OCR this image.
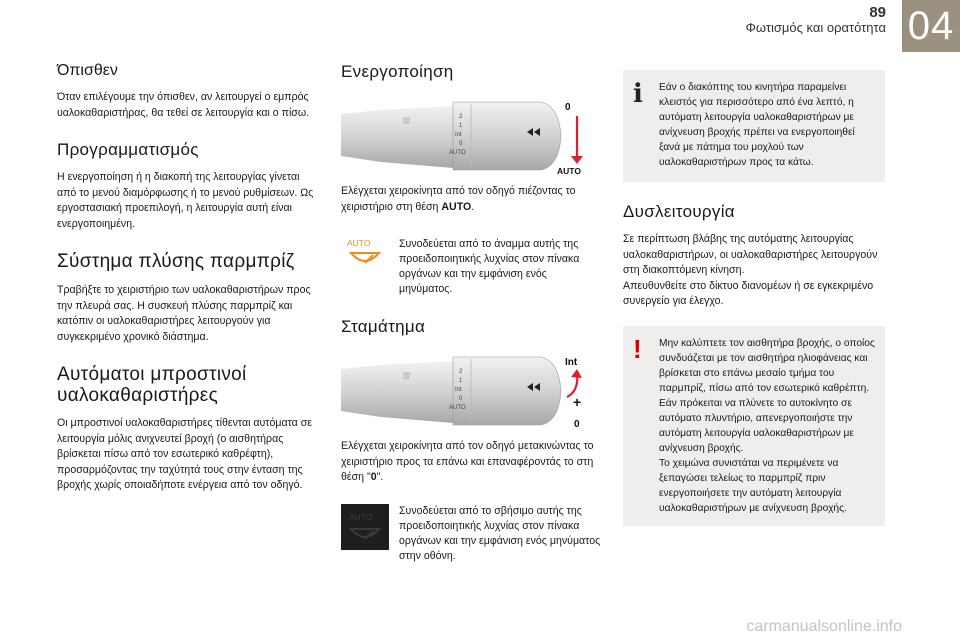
89
Φωτισμός και ορατότητα 04
Όπισθεν

Όταν επιλέγουμε την όπισθεν, αν λειτουργεί ο εμπρός υαλοκαθαριστήρας, θα τεθεί σε λειτουργία και ο πίσω.

Προγραμματισμός

Η ενεργοποίηση ή η διακοπή της λειτουργίας γίνεται από το μενού διαμόρφωσης ή το μενού ρυθμίσεων. Ως εργοστασιακή προεπιλογή, η λειτουργία αυτή είναι ενεργοποιημένη.

Σύστημα πλύσης παρμπρίζ

Τραβήξτε το χειριστήριο των υαλοκαθαριστήρων προς την πλευρά σας. Η συσκευή πλύσης παρμπρίζ και κατόπιν οι υαλοκαθαριστήρες λειτουργούν για συγκεκριμένο χρονικό διάστημα.

Αυτόματοι μπροστινοί
υαλοκαθαριστήρες

Οι μπροστινοί υαλοκαθαριστήρες τίθενται αυτόματα σε λειτουργία μόλις ανιχνευτεί βροχή (ο αισθητήρας βρίσκεται πίσω από τον εσωτερικό καθρέφτη), προσαρμόζοντας την ταχύτητά τους στην ένταση της βροχής χωρίς οποιαδήποτε ενέργεια από τον οδηγό.

Ενεργοποίηση
⛆	2
1
Int
0
AUTO
0
AUTO

Ελέγχεται χειροκίνητα από τον οδηγό πιέζοντας το χειριστήριο στη θέση AUTO.

AUTO	Συνοδεύεται από το άναμμα αυτής της προειδοποιητικής λυχνίας στον πίνακα οργάνων και την εμφάνιση ενός μηνύματος.
Σταμάτημα
⛆	2
1
Int
0
AUTO
Int
+
0

Ελέγχεται χειροκίνητα από τον οδηγό μετακινώντας το χειριστήριο προς τα επάνω και επαναφέροντάς το στη θέση "0".

AUTO	Συνοδεύεται από το σβήσιμο αυτής της προειδοποιητικής λυχνίας στον πίνακα οργάνων και την εμφάνιση ενός μηνύματος στην οθόνη.
ℹ	Εάν ο διακόπτης του κινητήρα παραμείνει κλειστός για περισσότερο από ένα λεπτό, η αυτόματη λειτουργία υαλοκαθαριστήρων με ανίχνευση βροχής πρέπει να ενεργοποιηθεί ξανά με πάτημα του μοχλού των υαλοκαθαριστήρων προς τα κάτω.

Δυσλειτουργία

Σε περίπτωση βλάβης της αυτόματης λειτουργίας υαλοκαθαριστήρων, οι υαλοκαθαριστήρες λειτουργούν στη διακοπτόμενη κίνηση.

Απευθυνθείτε στο δίκτυο διανομέων ή σε εγκεκριμένο συνεργείο για έλεγχο.

!	Μην καλύπτετε τον αισθητήρα βροχής, ο οποίος συνδυάζεται με τον αισθητήρα ηλιοφάνειας και βρίσκεται στο επάνω μεσαίο τμήμα του παρμπρίζ, πίσω από τον εσωτερικό καθρέπτη.

Εάν πρόκειται να πλύνετε το αυτοκίνητο σε αυτόματο πλυντήριο, απενεργοποιήστε την αυτόματη λειτουργία υαλοκαθαριστήρων με ανίχνευση βροχής.

Το χειμώνα συνιστάται να περιμένετε να ξεπαγώσει τελείως το παρμπρίζ πριν ενεργοποιήσετε την αυτόματη λειτουργία υαλοκαθαριστήρων με ανίχνευση βροχής.

carmanualsonline.info
